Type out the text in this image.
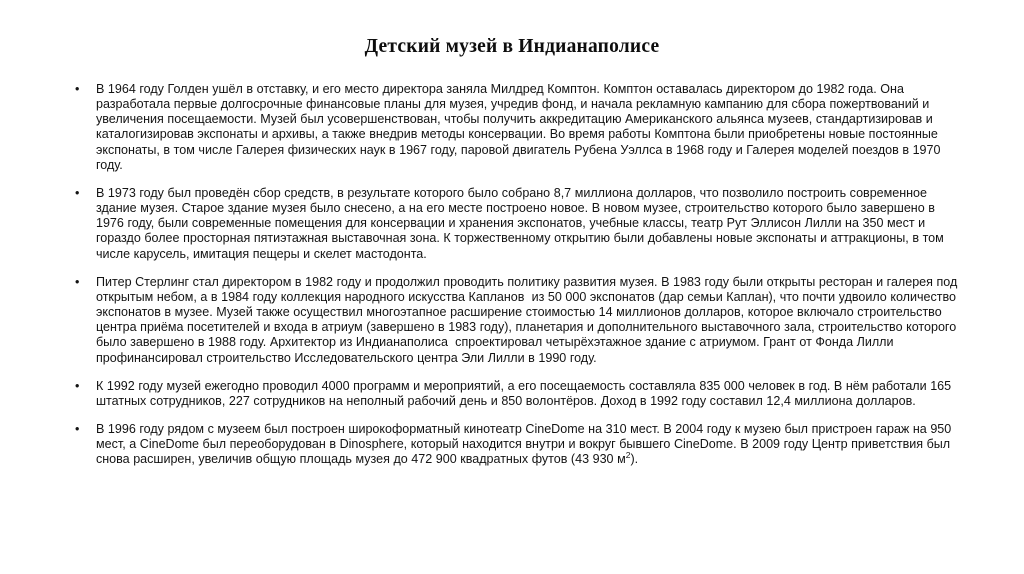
Детский музей в Индианаполисе
•	В 1964 году Голден ушёл в отставку, и его место директора заняла Милдред Комптон. Комптон оставалась директором до 1982 года. Она разработала первые долгосрочные финансовые планы для музея, учредив фонд, и начала рекламную кампанию для сбора пожертвований и увеличения посещаемости. Музей был усовершенствован, чтобы получить аккредитацию Американского альянса музеев, стандартизировав и каталогизировав экспонаты и архивы, а также внедрив методы консервации. Во время работы Комптона были приобретены новые постоянные экспонаты, в том числе Галерея физических наук в 1967 году, паровой двигатель Рубена Уэллса в 1968 году и Галерея моделей поездов в 1970 году.
•	В 1973 году был проведён сбор средств, в результате которого было собрано 8,7 миллиона долларов, что позволило построить современное здание музея. Старое здание музея было снесено, а на его месте построено новое. В новом музее, строительство которого было завершено в 1976 году, были современные помещения для консервации и хранения экспонатов, учебные классы, театр Рут Эллисон Лилли на 350 мест и гораздо более просторная пятиэтажная выставочная зона. К торжественному открытию были добавлены новые экспонаты и аттракционы, в том числе карусель, имитация пещеры и скелет мастодонта.
•	Питер Стерлинг стал директором в 1982 году и продолжил проводить политику развития музея. В 1983 году были открыты ресторан и галерея под открытым небом, а в 1984 году коллекция народного искусства Капланов  из 50 000 экспонатов (дар семьи Каплан), что почти удвоило количество экспонатов в музее. Музей также осуществил многоэтапное расширение стоимостью 14 миллионов долларов, которое включало строительство центра приёма посетителей и входа в атриум (завершено в 1983 году), планетария и дополнительного выставочного зала, строительство которого было завершено в 1988 году. Архитектор из Индианаполиса  спроектировал четырёхэтажное здание с атриумом. Грант от Фонда Лилли профинансировал строительство Исследовательского центра Эли Лилли в 1990 году.
•	К 1992 году музей ежегодно проводил 4000 программ и мероприятий, а его посещаемость составляла 835 000 человек в год. В нём работали 165 штатных сотрудников, 227 сотрудников на неполный рабочий день и 850 волонтёров. Доход в 1992 году составил 12,4 миллиона долларов.
•	В 1996 году рядом с музеем был построен широкоформатный кинотеатр CineDome на 310 мест. В 2004 году к музею был пристроен гараж на 950 мест, а CineDome был переоборудован в Dinosphere, который находится внутри и вокруг бывшего CineDome. В 2009 году Центр приветствия был снова расширен, увеличив общую площадь музея до 472 900 квадратных футов (43 930 $м^2$).
